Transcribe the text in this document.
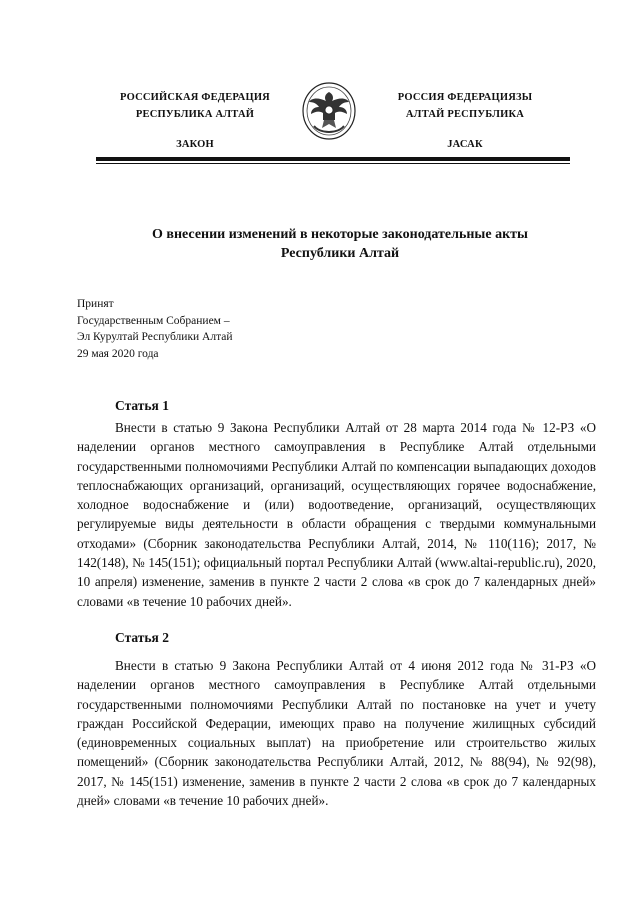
РОССИЙСКАЯ ФЕДЕРАЦИЯ
РЕСПУБЛИКА АЛТАЙ
ЗАКОН
РОССИЯ ФЕДЕРАЦИЯЗЫ
АЛТАЙ РЕСПУБЛИКА
JАСАК
О внесении изменений в некоторые законодательные акты
Республики Алтай
Принят
Государственным Собранием –
Эл Курултай Республики Алтай
29 мая 2020 года
Статья 1
Внести в статью 9 Закона Республики Алтай от 28 марта 2014 года № 12-РЗ «О наделении органов местного самоуправления в Республике Алтай отдельными государственными полномочиями Республики Алтай по компенсации выпадающих доходов теплоснабжающих организаций, организаций, осуществляющих горячее водоснабжение, холодное водоснабжение и (или) водоотведение, организаций, осуществляющих регулируемые виды деятельности в области обращения с твердыми коммунальными отходами» (Сборник законодательства Республики Алтай, 2014, № 110(116); 2017, № 142(148), № 145(151); официальный портал Республики Алтай (www.altai-republic.ru), 2020, 10 апреля) изменение, заменив в пункте 2 части 2 слова «в срок до 7 календарных дней» словами «в течение 10 рабочих дней».
Статья 2
Внести в статью 9 Закона Республики Алтай от 4 июня 2012 года № 31-РЗ «О наделении органов местного самоуправления в Республике Алтай отдельными государственными полномочиями Республики Алтай по постановке на учет и учету граждан Российской Федерации, имеющих право на получение жилищных субсидий (единовременных социальных выплат) на приобретение или строительство жилых помещений» (Сборник законодательства Республики Алтай, 2012, № 88(94), № 92(98), 2017, № 145(151) изменение, заменив в пункте 2 части 2 слова «в срок до 7 календарных дней» словами «в течение 10 рабочих дней».
